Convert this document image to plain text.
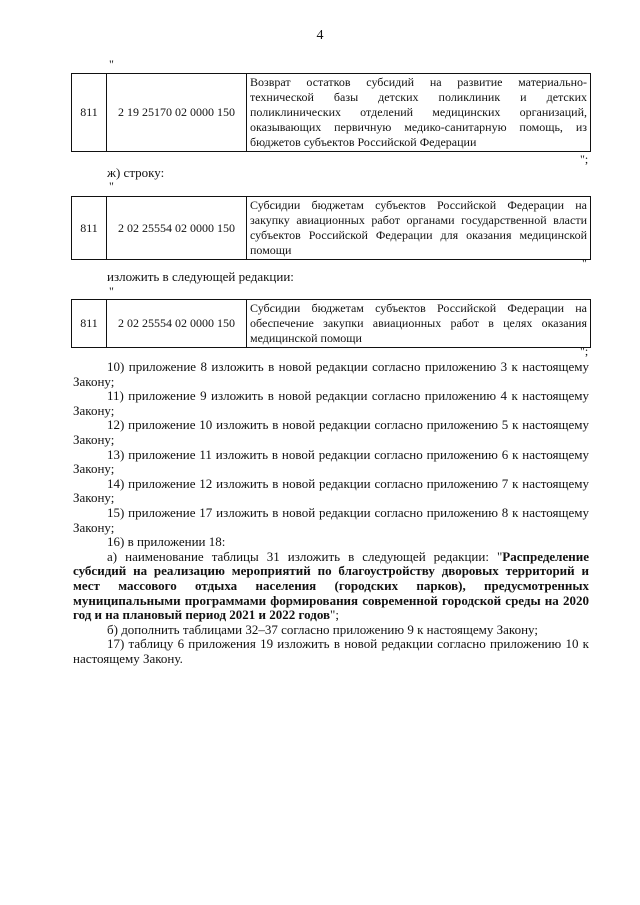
4
"
811	2 19 25170 02 0000 150	Возврат остатков субсидий на развитие материально-технической базы детских поликлиник и детских поликлинических отделений медицинских организаций, оказывающих первичную медико-санитарную помощь, из бюджетов субъектов Российской Федерации
";
ж) строку:
"
811	2 02 25554 02 0000 150	Субсидии бюджетам субъектов Российской Федерации на закупку авиационных работ органами государственной власти субъектов Российской Федерации для оказания медицинской помощи
"
изложить в следующей редакции:
"
811	2 02 25554 02 0000 150	Субсидии бюджетам субъектов Российской Федерации на обеспечение закупки авиационных работ в целях оказания медицинской помощи
";

10) приложение 8 изложить в новой редакции согласно приложению 3 к настоящему Закону;

11) приложение 9 изложить в новой редакции согласно приложению 4 к настоящему Закону;

12) приложение 10 изложить в новой редакции согласно приложению 5 к настоящему Закону;

13) приложение 11 изложить в новой редакции согласно приложению 6 к настоящему Закону;

14) приложение 12 изложить в новой редакции согласно приложению 7 к настоящему Закону;

15) приложение 17 изложить в новой редакции согласно приложению 8 к настоящему Закону;

16) в приложении 18:

а) наименование таблицы 31 изложить в следующей редакции: "Распределение субсидий на реализацию мероприятий по благоустройству дворовых территорий и мест массового отдыха населения (городских парков), предусмотренных муниципальными программами формирования современной городской среды на 2020 год и на плановый период 2021 и 2022 годов";

б) дополнить таблицами 32–37 согласно приложению 9 к настоящему Закону;

17) таблицу 6 приложения 19 изложить в новой редакции согласно приложению 10 к настоящему Закону.
